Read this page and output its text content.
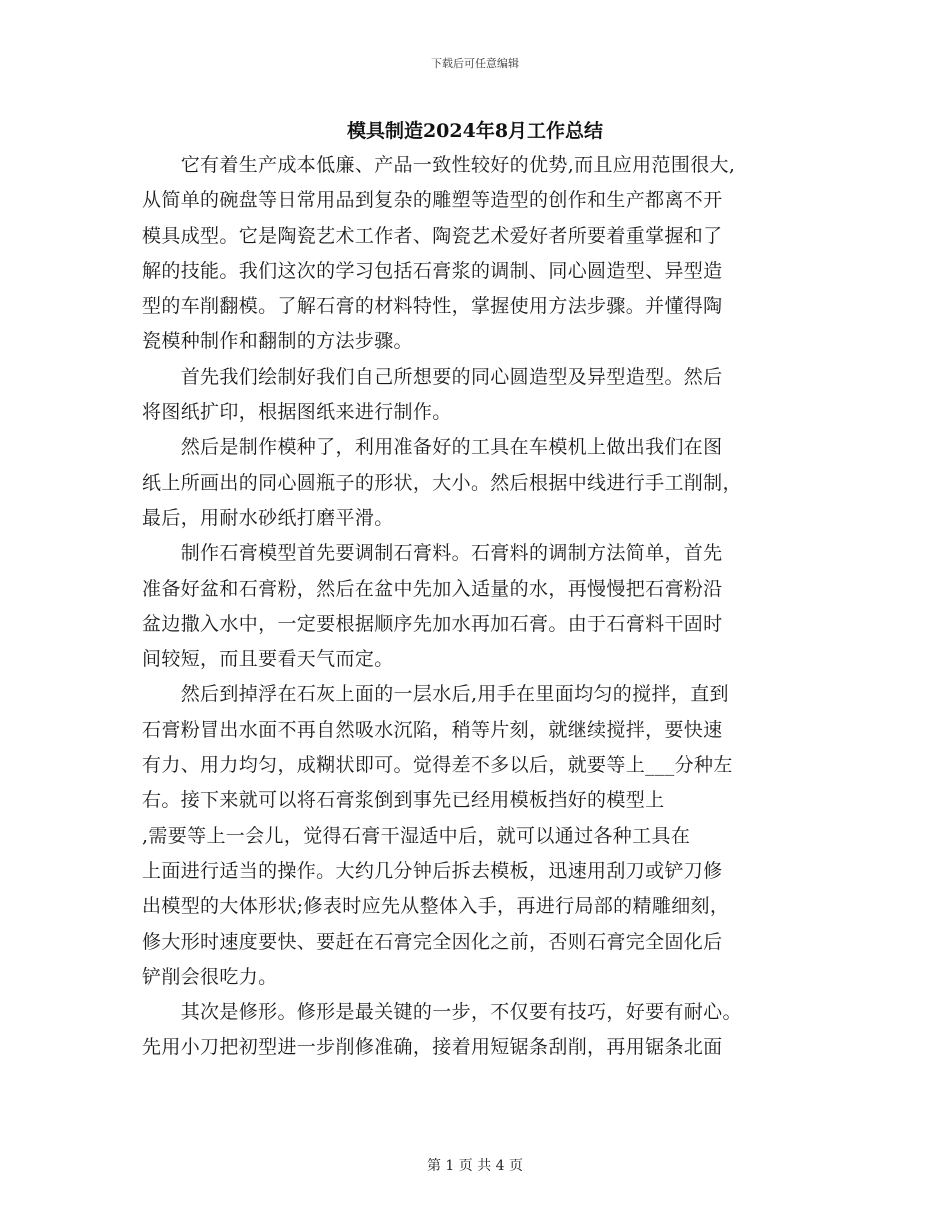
下载后可任意编辑
模具制造2024年8月工作总结

　　它有着生产成本低廉、产品一致性较好的优势,而且应用范围很大,

从简单的碗盘等日常用品到复杂的雕塑等造型的创作和生产都离不开

模具成型。它是陶瓷艺术工作者、陶瓷艺术爱好者所要着重掌握和了

解的技能。我们这次的学习包括石膏浆的调制、同心圆造型、异型造

型的车削翻模。了解石膏的材料特性，掌握使用方法步骤。并懂得陶

瓷模种制作和翻制的方法步骤。

　　首先我们绘制好我们自己所想要的同心圆造型及异型造型。然后

将图纸扩印，根据图纸来进行制作。

　　然后是制作模种了，利用准备好的工具在车模机上做出我们在图

纸上所画出的同心圆瓶子的形状，大小。然后根据中线进行手工削制，

最后，用耐水砂纸打磨平滑。

　　制作石膏模型首先要调制石膏料。石膏料的调制方法简单，首先

准备好盆和石膏粉，然后在盆中先加入适量的水，再慢慢把石膏粉沿

盆边撒入水中，一定要根据顺序先加水再加石膏。由于石膏料干固时

间较短，而且要看天气而定。

　　然后到掉浮在石灰上面的一层水后,用手在里面均匀的搅拌，直到

石膏粉冒出水面不再自然吸水沉陷，稍等片刻，就继续搅拌，要快速

有力、用力均匀，成糊状即可。觉得差不多以后，就要等上___分种左

右。接下来就可以将石膏浆倒到事先已经用模板挡好的模型上

,需要等上一会儿，觉得石膏干湿适中后，就可以通过各种工具在

上面进行适当的操作。大约几分钟后拆去模板，迅速用刮刀或铲刀修

出模型的大体形状;修表时应先从整体入手，再进行局部的精雕细刻，

修大形时速度要快、要赶在石膏完全因化之前，否则石膏完全固化后

铲削会很吃力。

　　其次是修形。修形是最关键的一步，不仅要有技巧，好要有耐心。

先用小刀把初型进一步削修准确，接着用短锯条刮削，再用锯条北面

第 1 页 共 4 页
